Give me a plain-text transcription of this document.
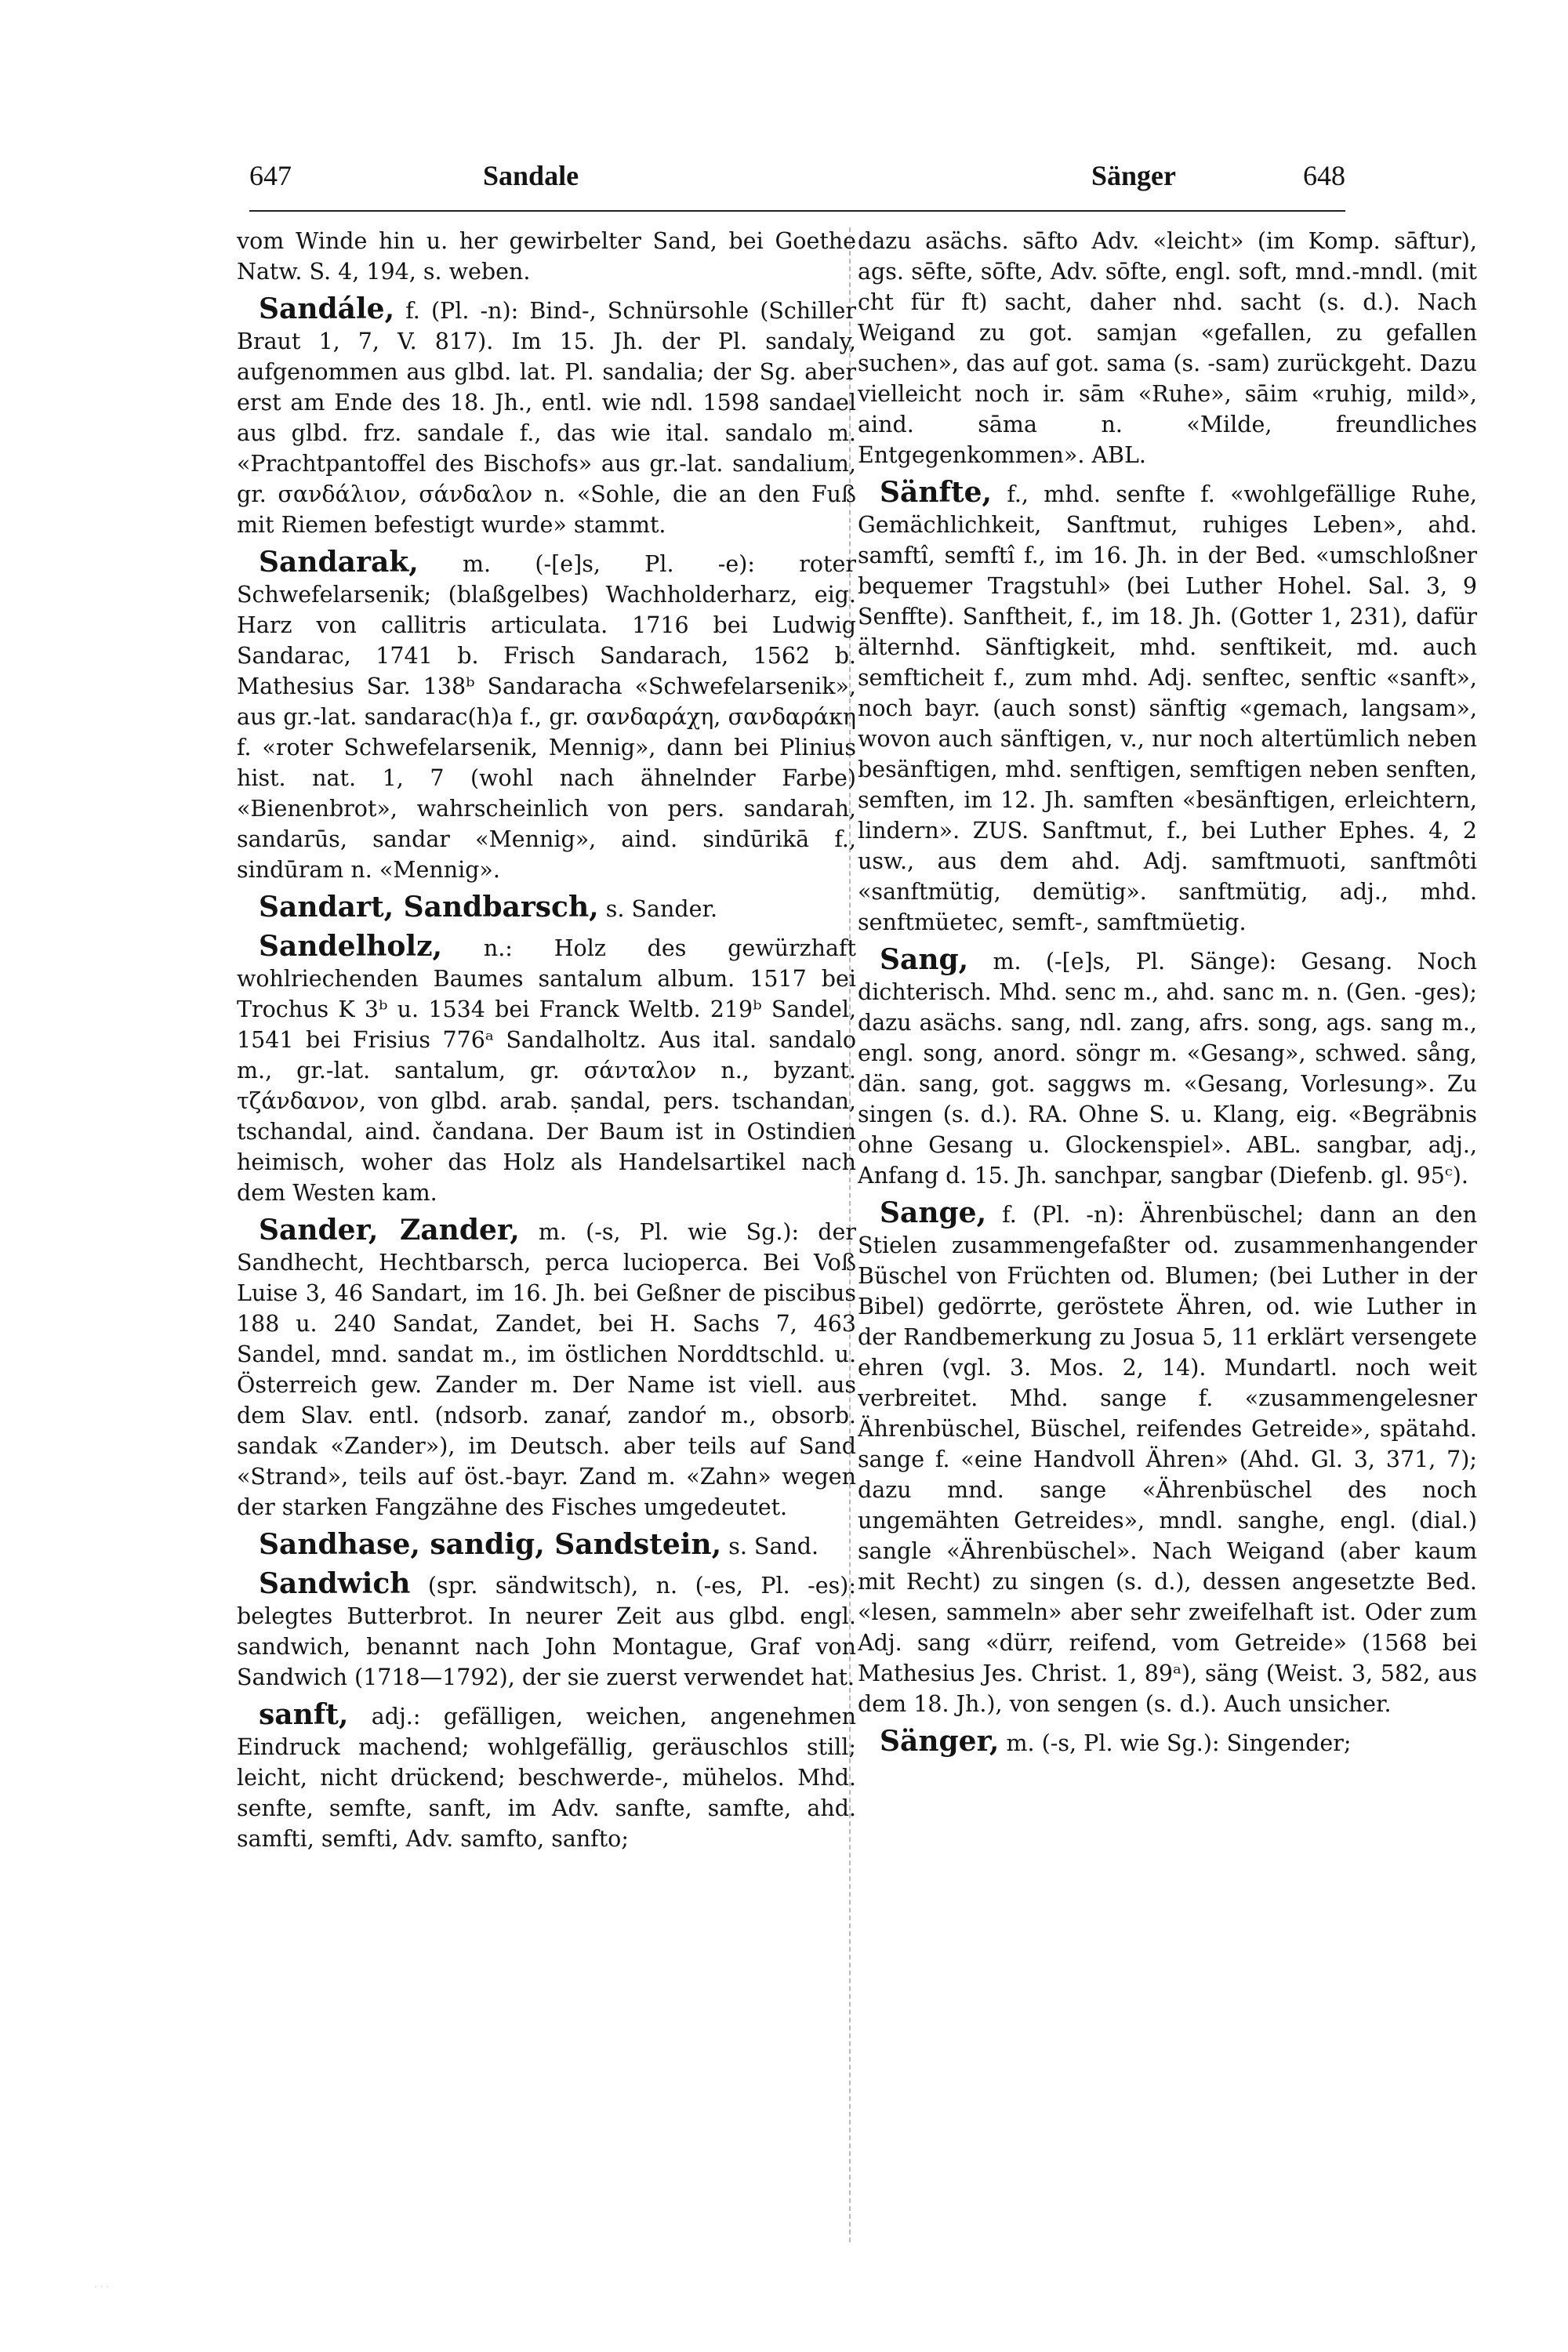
647	Sandale	Sänger	648

vom Winde hin u. her gewirbelter Sand, bei Goethe Natw. S. 4, 194, s. weben.

Sandále, f. (Pl. -n): Bind-, Schnürsohle (Schiller Braut 1, 7, V. 817). Im 15. Jh. der Pl. sandaly, aufgenommen aus glbd. lat. Pl. sandalia; der Sg. aber erst am Ende des 18. Jh., entl. wie ndl. 1598 sandael aus glbd. frz. sandale f., das wie ital. sandalo m. «Prachtpantoffel des Bischofs» aus gr.-lat. sandalium, gr. σανδάλιον, σάνδαλον n. «Sohle, die an den Fuß mit Riemen befestigt wurde» stammt.

Sandarak, m. (-[e]s, Pl. -e): roter Schwefelarsenik; (blaßgelbes) Wachholderharz, eig. Harz von callitris articulata. 1716 bei Ludwig Sandarac, 1741 b. Frisch Sandarach, 1562 b. Mathesius Sar. 138ᵇ Sandaracha «Schwefelarsenik», aus gr.-lat. sandarac(h)a f., gr. σανδαράχη, σανδαράκη f. «roter Schwefelarsenik, Mennig», dann bei Plinius hist. nat. 1, 7 (wohl nach ähnelnder Farbe) «Bienenbrot», wahrscheinlich von pers. sandarah, sandarūs, sandar «Mennig», aind. sindūrikā f., sindūram n. «Mennig».

Sandart, Sandbarsch, s. Sander.

Sandelholz, n.: Holz des gewürzhaft wohlriechenden Baumes santalum album. 1517 bei Trochus K 3ᵇ u. 1534 bei Franck Weltb. 219ᵇ Sandel, 1541 bei Frisius 776ᵃ Sandalholtz. Aus ital. sandalo m., gr.-lat. santalum, gr. σάνταλον n., byzant. τζάνδανον, von glbd. arab. ṣandal, pers. tschandan, tschandal, aind. čandana. Der Baum ist in Ostindien heimisch, woher das Holz als Handelsartikel nach dem Westen kam.

Sander, Zander, m. (-s, Pl. wie Sg.): der Sandhecht, Hechtbarsch, perca lucioperca. Bei Voß Luise 3, 46 Sandart, im 16. Jh. bei Geßner de piscibus 188 u. 240 Sandat, Zandet, bei H. Sachs 7, 463 Sandel, mnd. sandat m., im östlichen Norddtschld. u. Österreich gew. Zander m. Der Name ist viell. aus dem Slav. entl. (ndsorb. zanaŕ, zandoŕ m., obsorb. sandak «Zander»), im Deutsch. aber teils auf Sand «Strand», teils auf öst.-bayr. Zand m. «Zahn» wegen der starken Fangzähne des Fisches umgedeutet.

Sandhase, sandig, Sandstein, s. Sand.

Sandwich (spr. sändwitsch), n. (-es, Pl. -es): belegtes Butterbrot. In neurer Zeit aus glbd. engl. sandwich, benannt nach John Montague, Graf von Sandwich (1718—1792), der sie zuerst verwendet hat.

sanft, adj.: gefälligen, weichen, angenehmen Eindruck machend; wohlgefällig, geräuschlos still; leicht, nicht drückend; beschwerde-, mühelos. Mhd. senfte, semfte, sanft, im Adv. sanfte, samfte, ahd. samfti, semfti, Adv. samfto, sanfto;

dazu asächs. sāfto Adv. «leicht» (im Komp. sāftur), ags. sēfte, sōfte, Adv. sōfte, engl. soft, mnd.-mndl. (mit cht für ft) sacht, daher nhd. sacht (s. d.). Nach Weigand zu got. samjan «gefallen, zu gefallen suchen», das auf got. sama (s. -sam) zurückgeht. Dazu vielleicht noch ir. sām «Ruhe», sāim «ruhig, mild», aind. sāma n. «Milde, freundliches Entgegenkommen». ABL.

Sänfte, f., mhd. senfte f. «wohlgefällige Ruhe, Gemächlichkeit, Sanftmut, ruhiges Leben», ahd. samftî, semftî f., im 16. Jh. in der Bed. «umschloßner bequemer Tragstuhl» (bei Luther Hohel. Sal. 3, 9 Senffte). Sanftheit, f., im 18. Jh. (Gotter 1, 231), dafür älternhd. Sänftigkeit, mhd. senftikeit, md. auch semfticheit f., zum mhd. Adj. senftec, senftic «sanft», noch bayr. (auch sonst) sänftig «gemach, langsam», wovon auch sänftigen, v., nur noch altertümlich neben besänftigen, mhd. senftigen, semftigen neben senften, semften, im 12. Jh. samften «besänftigen, erleichtern, lindern». ZUS. Sanftmut, f., bei Luther Ephes. 4, 2 usw., aus dem ahd. Adj. samftmuoti, sanftmôti «sanftmütig, demütig». sanftmütig, adj., mhd. senftmüetec, semft-, samftmüetig.

Sang, m. (-[e]s, Pl. Sänge): Gesang. Noch dichterisch. Mhd. senc m., ahd. sanc m. n. (Gen. -ges); dazu asächs. sang, ndl. zang, afrs. song, ags. sang m., engl. song, anord. söngr m. «Gesang», schwed. sång, dän. sang, got. saggws m. «Gesang, Vorlesung». Zu singen (s. d.). RA. Ohne S. u. Klang, eig. «Begräbnis ohne Gesang u. Glockenspiel». ABL. sangbar, adj., Anfang d. 15. Jh. sanchpar, sangbar (Diefenb. gl. 95ᶜ).

Sange, f. (Pl. -n): Ährenbüschel; dann an den Stielen zusammengefaßter od. zusammenhangender Büschel von Früchten od. Blumen; (bei Luther in der Bibel) gedörrte, geröstete Ähren, od. wie Luther in der Randbemerkung zu Josua 5, 11 erklärt versengete ehren (vgl. 3. Mos. 2, 14). Mundartl. noch weit verbreitet. Mhd. sange f. «zusammengelesner Ährenbüschel, Büschel, reifendes Getreide», spätahd. sange f. «eine Handvoll Ähren» (Ahd. Gl. 3, 371, 7); dazu mnd. sange «Ährenbüschel des noch ungemähten Getreides», mndl. sanghe, engl. (dial.) sangle «Ährenbüschel». Nach Weigand (aber kaum mit Recht) zu singen (s. d.), dessen angesetzte Bed. «lesen, sammeln» aber sehr zweifelhaft ist. Oder zum Adj. sang «dürr, reifend, vom Getreide» (1568 bei Mathesius Jes. Christ. 1, 89ᵃ), säng (Weist. 3, 582, aus dem 18. Jh.), von sengen (s. d.). Auch unsicher.

Sänger, m. (-s, Pl. wie Sg.): Singender;

· · ·
